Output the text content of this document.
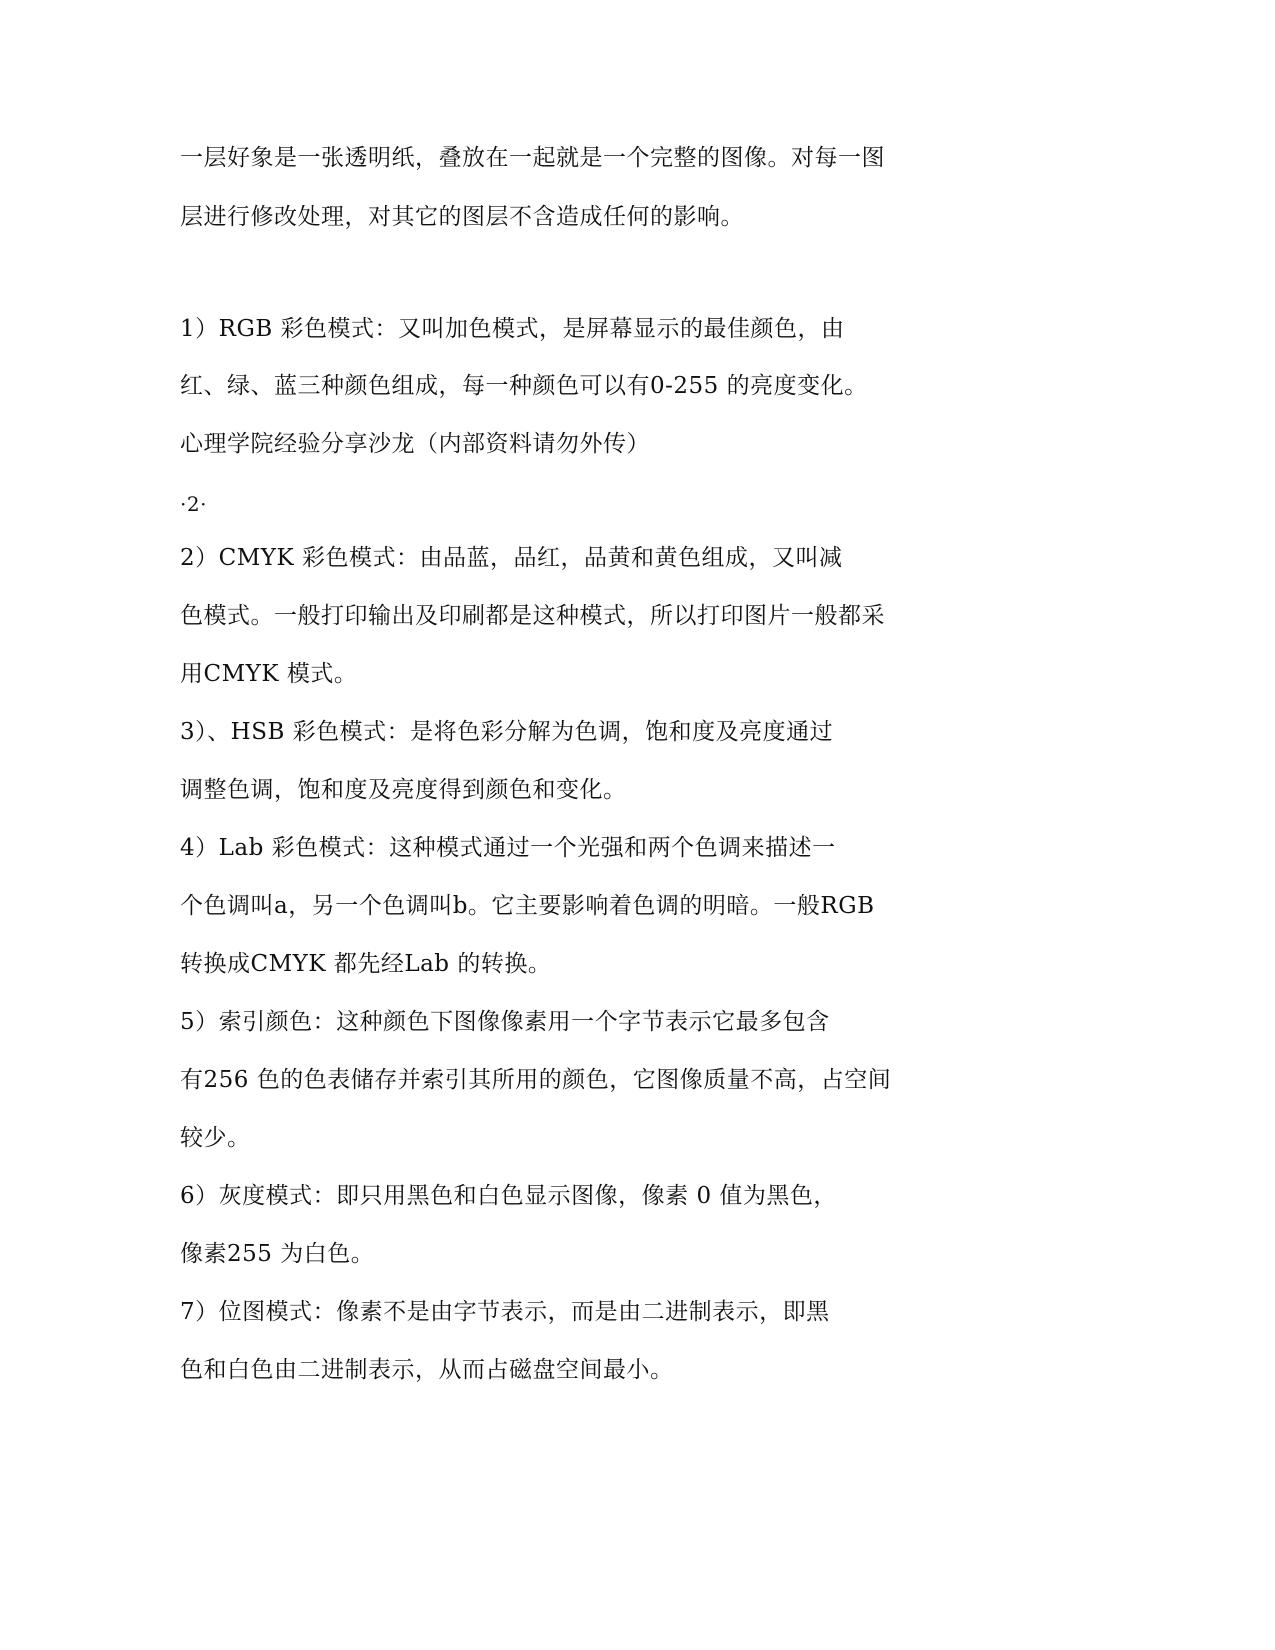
一层好象是一张透明纸，叠放在一起就是一个完整的图像。对每一图
层进行修改处理，对其它的图层不含造成任何的影响。
1）RGB 彩色模式：又叫加色模式，是屏幕显示的最佳颜色，由
红、绿、蓝三种颜色组成，每一种颜色可以有0-255 的亮度变化。
心理学院经验分享沙龙（内部资料请勿外传）
·2·
2）CMYK 彩色模式：由品蓝，品红，品黄和黄色组成，又叫减
色模式。一般打印输出及印刷都是这种模式，所以打印图片一般都采
用CMYK 模式。
3）、HSB 彩色模式：是将色彩分解为色调，饱和度及亮度通过
调整色调，饱和度及亮度得到颜色和变化。
4）Lab 彩色模式：这种模式通过一个光强和两个色调来描述一
个色调叫a，另一个色调叫b。它主要影响着色调的明暗。一般RGB
转换成CMYK 都先经Lab 的转换。
5）索引颜色：这种颜色下图像像素用一个字节表示它最多包含
有256 色的色表储存并索引其所用的颜色，它图像质量不高，占空间
较少。
6）灰度模式：即只用黑色和白色显示图像，像素 0 值为黑色，
像素255 为白色。
7）位图模式：像素不是由字节表示，而是由二进制表示，即黑
色和白色由二进制表示，从而占磁盘空间最小。
